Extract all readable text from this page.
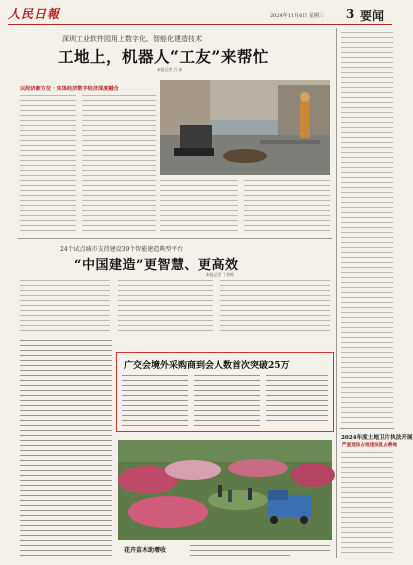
人民日報	2024年11月6日 星期三 3 要闻
深圳工业软件园用上数字化、智能化建造技术
工地上，机器人“工友”来帮忙
本报记者 吕 冰
以经济新方位 · 实体经济数字经济深度融合
24个试点城市支持建设39个智能建造典型平台
“中国建造”更智慧、更高效
本报记者 丁怡婷
广交会境外采购商到会人数首次突破25万
花卉苗木助增收
2024年度土地卫片执法开展
严查违法占地违法乱占耕地
